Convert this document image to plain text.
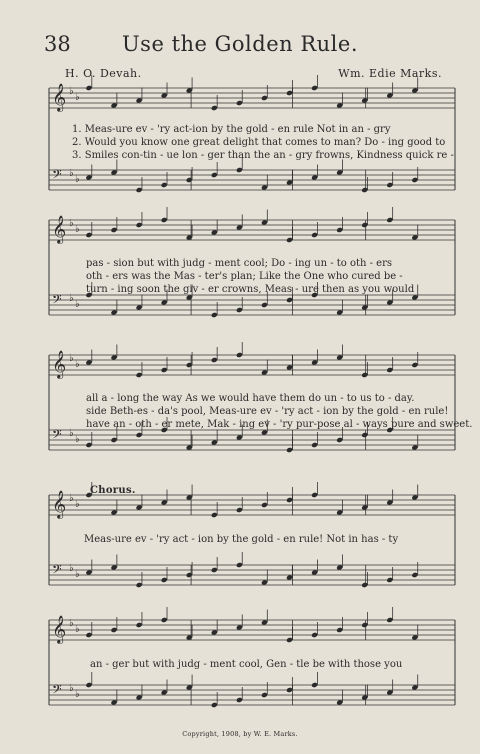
𝄞 ♭
♭
𝄢 ♭
♭
𝄞 ♭
♭
𝄢 ♭
♭
𝄞 ♭
♭
𝄢 ♭
♭
𝄞 ♭
♭
𝄢 ♭
♭
𝄞 ♭
♭
𝄢 ♭
♭
38	Use the Golden Rule.
H. O. Devah.	Wm. Edie Marks.
1. Meas-ure ev - 'ry act-ion by the gold - en rule Not in an - gry
2. Would you know one great delight that comes to man? Do - ing good to
3. Smiles con-tin - ue lon - ger than the an - gry frowns, Kindness quick re -
pas - sion but with judg - ment cool; Do - ing un - to oth - ers
oth - ers was the Mas - ter's plan; Like the One who cured be -
turn - ing soon the giv - er crowns, Meas - ure then as you would
all a - long the way As we would have them do un - to us to - day.
side Beth-es - da's pool, Meas-ure ev - 'ry act - ion by the gold - en rule!
have an - oth - er mete, Mak - ing ev - 'ry pur-pose al - ways pure and sweet.
Chorus.
Meas-ure ev - 'ry act - ion by the gold - en rule! Not in has - ty
an - ger but with judg - ment cool, Gen - tle be with those you
Copyright, 1908, by W. E. Marks.
